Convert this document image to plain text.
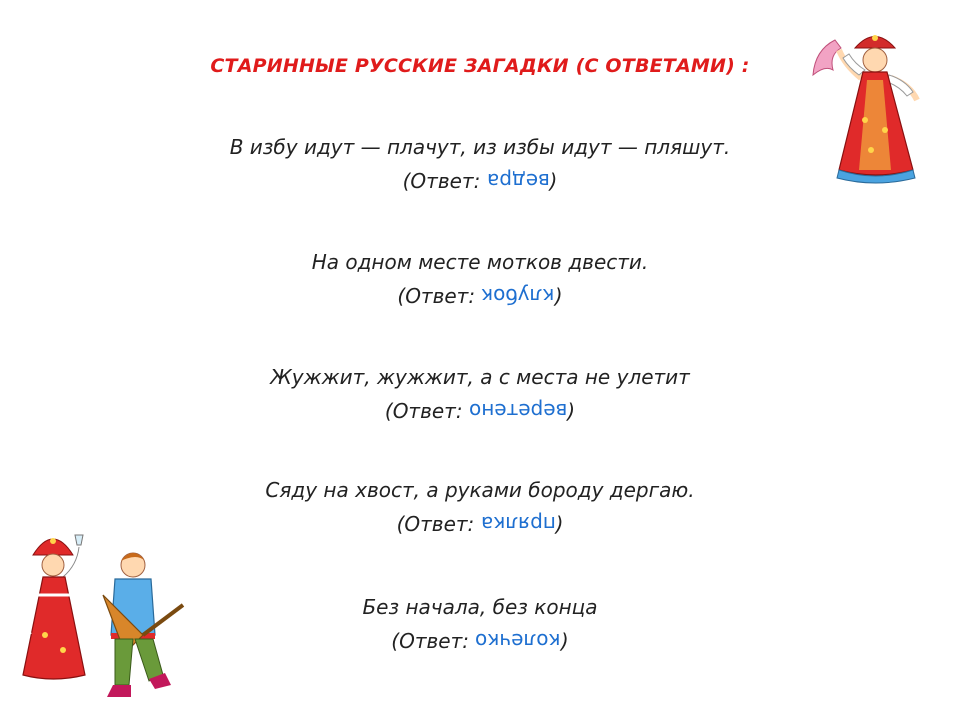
СТАРИННЫЕ РУССКИЕ ЗАГАДКИ (С ОТВЕТАМИ) :
В избу идут — плачут, из избы идут — пляшут.
(Ответ: ведра)
На одном месте мотков двести.
(Ответ: клубок)
Жужжит, жужжит, а с места не улетит
(Ответ: веретено)
Сяду на хвост, а руками бороду дергаю.
(Ответ: прялка)
Без начала, без конца
(Ответ: колечко)
